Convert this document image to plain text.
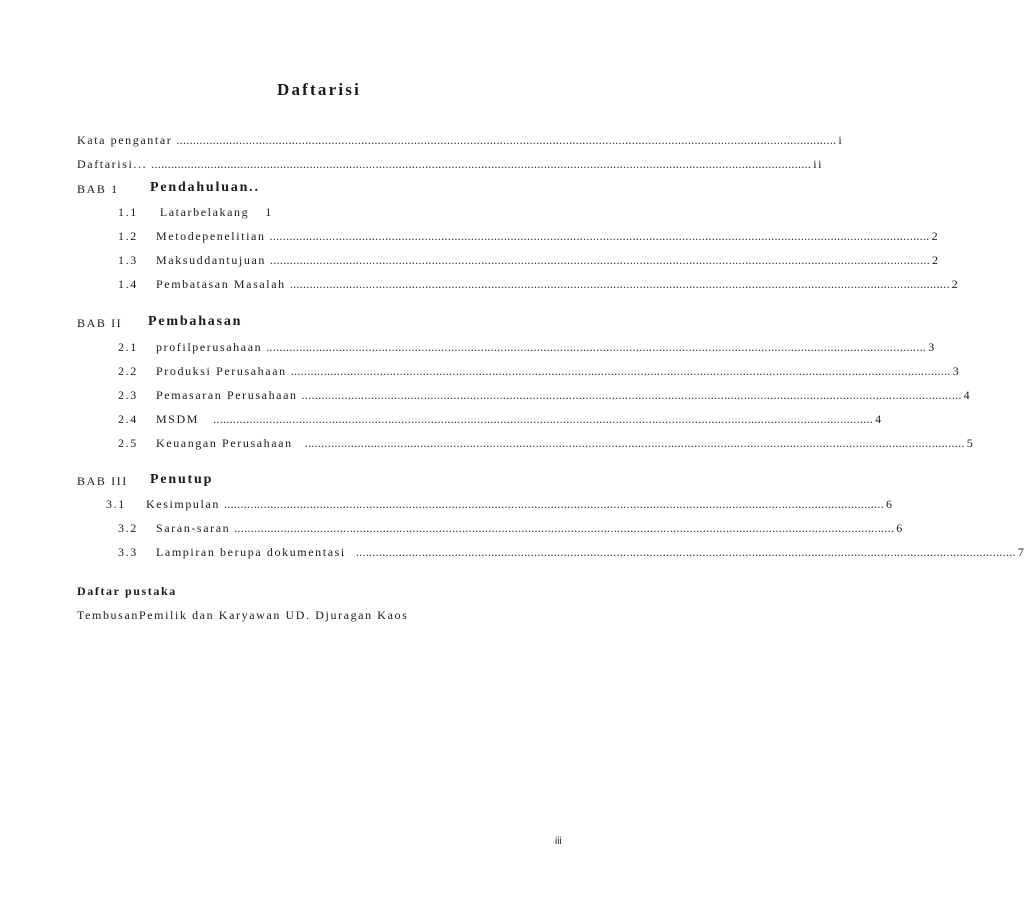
Daftarisi
Kata pengantar ........................................................................................................................................................................................................ i
Daftarisi... ........................................................................................................................................................................................................ ii
BAB 1 Pendahuluan..
1.1 Latarbelakang 1
1.2	Metodepenelitian ........................................................................................................................................................................................................ 2
1.3	Maksuddantujuan ........................................................................................................................................................................................................ 2
1.4	Pembatasan Masalah ........................................................................................................................................................................................................ 2
BAB II Pembahasan
2.1	profilperusahaan ........................................................................................................................................................................................................ 3
2.2	Produksi Perusahaan ........................................................................................................................................................................................................ 3
2.3	Pemasaran Perusahaan ........................................................................................................................................................................................................ 4
2.4	MSDM ........................................................................................................................................................................................................ 4
2.5	Keuangan Perusahaan ........................................................................................................................................................................................................ 5
BAB III Penutup
3.1	Kesimpulan ........................................................................................................................................................................................................ 6
3.2	Saran-saran ........................................................................................................................................................................................................ 6
3.3	Lampiran berupa dokumentasi ........................................................................................................................................................................................................ 7
Daftar pustaka
TembusanPemilik dan Karyawan UD. Djuragan Kaos
iii
